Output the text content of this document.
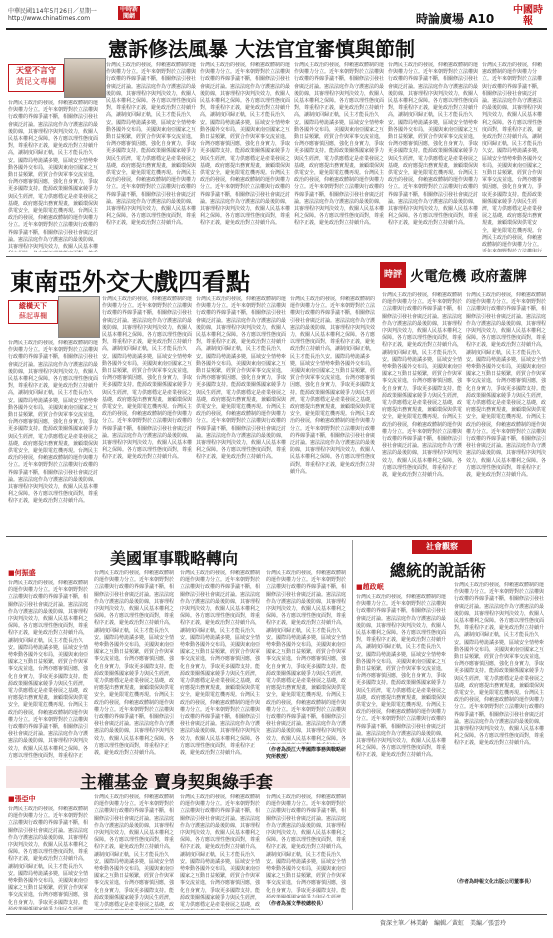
中華民國114年5月26日／星期一
http://www.chinatimes.com
中時新聞網	時論廣場 A10
中國時報
憲訴修法風暴 大法官宜審慎與節制
天堂不言守
黃昆文專欄
台灣民主政治的發展，仰賴憲政體制的運作與權力分立。近年來朝野對於立法權與行政權的界線爭議不斷，相關修法引發社會廣泛討論。憲法法庭作為守護憲法的最後防線，其審理程序與判決效力，攸關人民基本權利之保障。各方應以理性態度面對，尊重程序正義，避免政治對立持續升高，讓制度回歸正軌，民主才能長治久安。國際局勢詭譎多變，區域安全情勢牽動各國外交布局，美國與東南亞國家之互動日益頻繁，經貿合作與軍事交流並進，台灣亦應審慎因應，強化自身實力，爭取更多國際支持。能源政策關係國家競爭力與民生經濟，電力供應穩定是產業發展之基礎，政府應提出務實規畫，兼顧環保與供電安全，避免限電危機再現。台灣民主政治的發展，仰賴憲政體制的運作與權力分立。近年來朝野對於立法權與行政權的界線爭議不斷，相關修法引發社會廣泛討論。憲法法庭作為守護憲法的最後防線，其審理程序與判決效力，攸關人民基本權利之保障。各方應以理性態度面對，尊重程序正義，避免政治對立持續升高。
台灣民主政治的發展，仰賴憲政體制的運作與權力分立。近年來朝野對於立法權與行政權的界線爭議不斷，相關修法引發社會廣泛討論。憲法法庭作為守護憲法的最後防線，其審理程序與判決效力，攸關人民基本權利之保障。各方應以理性態度面對，尊重程序正義，避免政治對立持續升高，讓制度回歸正軌，民主才能長治久安。國際局勢詭譎多變，區域安全情勢牽動各國外交布局，美國與東南亞國家之互動日益頻繁，經貿合作與軍事交流並進，台灣亦應審慎因應，強化自身實力，爭取更多國際支持。能源政策關係國家競爭力與民生經濟，電力供應穩定是產業發展之基礎，政府應提出務實規畫，兼顧環保與供電安全，避免限電危機再現。台灣民主政治的發展，仰賴憲政體制的運作與權力分立。近年來朝野對於立法權與行政權的界線爭議不斷，相關修法引發社會廣泛討論。憲法法庭作為守護憲法的最後防線，其審理程序與判決效力，攸關人民基本權利之保障。各方應以理性態度面對，尊重程序正義，避免政治對立持續升高。
台灣民主政治的發展，仰賴憲政體制的運作與權力分立。近年來朝野對於立法權與行政權的界線爭議不斷，相關修法引發社會廣泛討論。憲法法庭作為守護憲法的最後防線，其審理程序與判決效力，攸關人民基本權利之保障。各方應以理性態度面對，尊重程序正義，避免政治對立持續升高，讓制度回歸正軌，民主才能長治久安。國際局勢詭譎多變，區域安全情勢牽動各國外交布局，美國與東南亞國家之互動日益頻繁，經貿合作與軍事交流並進，台灣亦應審慎因應，強化自身實力，爭取更多國際支持。能源政策關係國家競爭力與民生經濟，電力供應穩定是產業發展之基礎，政府應提出務實規畫，兼顧環保與供電安全，避免限電危機再現。台灣民主政治的發展，仰賴憲政體制的運作與權力分立。近年來朝野對於立法權與行政權的界線爭議不斷，相關修法引發社會廣泛討論。憲法法庭作為守護憲法的最後防線，其審理程序與判決效力，攸關人民基本權利之保障。各方應以理性態度面對，尊重程序正義，避免政治對立持續升高。
台灣民主政治的發展，仰賴憲政體制的運作與權力分立。近年來朝野對於立法權與行政權的界線爭議不斷，相關修法引發社會廣泛討論。憲法法庭作為守護憲法的最後防線，其審理程序與判決效力，攸關人民基本權利之保障。各方應以理性態度面對，尊重程序正義，避免政治對立持續升高，讓制度回歸正軌，民主才能長治久安。國際局勢詭譎多變，區域安全情勢牽動各國外交布局，美國與東南亞國家之互動日益頻繁，經貿合作與軍事交流並進，台灣亦應審慎因應，強化自身實力，爭取更多國際支持。能源政策關係國家競爭力與民生經濟，電力供應穩定是產業發展之基礎，政府應提出務實規畫，兼顧環保與供電安全，避免限電危機再現。台灣民主政治的發展，仰賴憲政體制的運作與權力分立。近年來朝野對於立法權與行政權的界線爭議不斷，相關修法引發社會廣泛討論。憲法法庭作為守護憲法的最後防線，其審理程序與判決效力，攸關人民基本權利之保障。各方應以理性態度面對，尊重程序正義，避免政治對立持續升高。
台灣民主政治的發展，仰賴憲政體制的運作與權力分立。近年來朝野對於立法權與行政權的界線爭議不斷，相關修法引發社會廣泛討論。憲法法庭作為守護憲法的最後防線，其審理程序與判決效力，攸關人民基本權利之保障。各方應以理性態度面對，尊重程序正義，避免政治對立持續升高，讓制度回歸正軌，民主才能長治久安。國際局勢詭譎多變，區域安全情勢牽動各國外交布局，美國與東南亞國家之互動日益頻繁，經貿合作與軍事交流並進，台灣亦應審慎因應，強化自身實力，爭取更多國際支持。能源政策關係國家競爭力與民生經濟，電力供應穩定是產業發展之基礎，政府應提出務實規畫，兼顧環保與供電安全，避免限電危機再現。台灣民主政治的發展，仰賴憲政體制的運作與權力分立。近年來朝野對於立法權與行政權的界線爭議不斷，相關修法引發社會廣泛討論。憲法法庭作為守護憲法的最後防線，其審理程序與判決效力，攸關人民基本權利之保障。各方應以理性態度面對，尊重程序正義，避免政治對立持續升高。
台灣民主政治的發展，仰賴憲政體制的運作與權力分立。近年來朝野對於立法權與行政權的界線爭議不斷，相關修法引發社會廣泛討論。憲法法庭作為守護憲法的最後防線，其審理程序與判決效力，攸關人民基本權利之保障。各方應以理性態度面對，尊重程序正義，避免政治對立持續升高，讓制度回歸正軌，民主才能長治久安。國際局勢詭譎多變，區域安全情勢牽動各國外交布局，美國與東南亞國家之互動日益頻繁，經貿合作與軍事交流並進，台灣亦應審慎因應，強化自身實力，爭取更多國際支持。能源政策關係國家競爭力與民生經濟，電力供應穩定是產業發展之基礎，政府應提出務實規畫，兼顧環保與供電安全，避免限電危機再現。台灣民主政治的發展，仰賴憲政體制的運作與權力分立。近年來朝野對於立法權與行政權的界線爭議不斷，相關修法引發社會廣泛討論。憲法法庭作為守護憲法的最後防線，其審理程序與判決效力，攸關人民基本權利之保障。各方應以理性態度面對，尊重程序正義，避免政治對立持續升高。
東南亞外交大戲四看點
縱橫天下
蘇起專欄
台灣民主政治的發展，仰賴憲政體制的運作與權力分立。近年來朝野對於立法權與行政權的界線爭議不斷，相關修法引發社會廣泛討論。憲法法庭作為守護憲法的最後防線，其審理程序與判決效力，攸關人民基本權利之保障。各方應以理性態度面對，尊重程序正義，避免政治對立持續升高，讓制度回歸正軌，民主才能長治久安。國際局勢詭譎多變，區域安全情勢牽動各國外交布局，美國與東南亞國家之互動日益頻繁，經貿合作與軍事交流並進，台灣亦應審慎因應，強化自身實力，爭取更多國際支持。能源政策關係國家競爭力與民生經濟，電力供應穩定是產業發展之基礎，政府應提出務實規畫，兼顧環保與供電安全，避免限電危機再現。台灣民主政治的發展，仰賴憲政體制的運作與權力分立。近年來朝野對於立法權與行政權的界線爭議不斷，相關修法引發社會廣泛討論。憲法法庭作為守護憲法的最後防線，其審理程序與判決效力，攸關人民基本權利之保障。各方應以理性態度面對，尊重程序正義，避免政治對立持續升高。
台灣民主政治的發展，仰賴憲政體制的運作與權力分立。近年來朝野對於立法權與行政權的界線爭議不斷，相關修法引發社會廣泛討論。憲法法庭作為守護憲法的最後防線，其審理程序與判決效力，攸關人民基本權利之保障。各方應以理性態度面對，尊重程序正義，避免政治對立持續升高，讓制度回歸正軌，民主才能長治久安。國際局勢詭譎多變，區域安全情勢牽動各國外交布局，美國與東南亞國家之互動日益頻繁，經貿合作與軍事交流並進，台灣亦應審慎因應，強化自身實力，爭取更多國際支持。能源政策關係國家競爭力與民生經濟，電力供應穩定是產業發展之基礎，政府應提出務實規畫，兼顧環保與供電安全，避免限電危機再現。台灣民主政治的發展，仰賴憲政體制的運作與權力分立。近年來朝野對於立法權與行政權的界線爭議不斷，相關修法引發社會廣泛討論。憲法法庭作為守護憲法的最後防線，其審理程序與判決效力，攸關人民基本權利之保障。各方應以理性態度面對，尊重程序正義，避免政治對立持續升高。
台灣民主政治的發展，仰賴憲政體制的運作與權力分立。近年來朝野對於立法權與行政權的界線爭議不斷，相關修法引發社會廣泛討論。憲法法庭作為守護憲法的最後防線，其審理程序與判決效力，攸關人民基本權利之保障。各方應以理性態度面對，尊重程序正義，避免政治對立持續升高，讓制度回歸正軌，民主才能長治久安。國際局勢詭譎多變，區域安全情勢牽動各國外交布局，美國與東南亞國家之互動日益頻繁，經貿合作與軍事交流並進，台灣亦應審慎因應，強化自身實力，爭取更多國際支持。能源政策關係國家競爭力與民生經濟，電力供應穩定是產業發展之基礎，政府應提出務實規畫，兼顧環保與供電安全，避免限電危機再現。台灣民主政治的發展，仰賴憲政體制的運作與權力分立。近年來朝野對於立法權與行政權的界線爭議不斷，相關修法引發社會廣泛討論。憲法法庭作為守護憲法的最後防線，其審理程序與判決效力，攸關人民基本權利之保障。各方應以理性態度面對，尊重程序正義，避免政治對立持續升高。
台灣民主政治的發展，仰賴憲政體制的運作與權力分立。近年來朝野對於立法權與行政權的界線爭議不斷，相關修法引發社會廣泛討論。憲法法庭作為守護憲法的最後防線，其審理程序與判決效力，攸關人民基本權利之保障。各方應以理性態度面對，尊重程序正義，避免政治對立持續升高，讓制度回歸正軌，民主才能長治久安。國際局勢詭譎多變，區域安全情勢牽動各國外交布局，美國與東南亞國家之互動日益頻繁，經貿合作與軍事交流並進，台灣亦應審慎因應，強化自身實力，爭取更多國際支持。能源政策關係國家競爭力與民生經濟，電力供應穩定是產業發展之基礎，政府應提出務實規畫，兼顧環保與供電安全，避免限電危機再現。台灣民主政治的發展，仰賴憲政體制的運作與權力分立。近年來朝野對於立法權與行政權的界線爭議不斷，相關修法引發社會廣泛討論。憲法法庭作為守護憲法的最後防線，其審理程序與判決效力，攸關人民基本權利之保障。各方應以理性態度面對，尊重程序正義，避免政治對立持續升高。
時評 火電危機 政府蓋牌
台灣民主政治的發展，仰賴憲政體制的運作與權力分立。近年來朝野對於立法權與行政權的界線爭議不斷，相關修法引發社會廣泛討論。憲法法庭作為守護憲法的最後防線，其審理程序與判決效力，攸關人民基本權利之保障。各方應以理性態度面對，尊重程序正義，避免政治對立持續升高，讓制度回歸正軌，民主才能長治久安。國際局勢詭譎多變，區域安全情勢牽動各國外交布局，美國與東南亞國家之互動日益頻繁，經貿合作與軍事交流並進，台灣亦應審慎因應，強化自身實力，爭取更多國際支持。能源政策關係國家競爭力與民生經濟，電力供應穩定是產業發展之基礎，政府應提出務實規畫，兼顧環保與供電安全，避免限電危機再現。台灣民主政治的發展，仰賴憲政體制的運作與權力分立。近年來朝野對於立法權與行政權的界線爭議不斷，相關修法引發社會廣泛討論。憲法法庭作為守護憲法的最後防線，其審理程序與判決效力，攸關人民基本權利之保障。各方應以理性態度面對，尊重程序正義，避免政治對立持續升高。
台灣民主政治的發展，仰賴憲政體制的運作與權力分立。近年來朝野對於立法權與行政權的界線爭議不斷，相關修法引發社會廣泛討論。憲法法庭作為守護憲法的最後防線，其審理程序與判決效力，攸關人民基本權利之保障。各方應以理性態度面對，尊重程序正義，避免政治對立持續升高，讓制度回歸正軌，民主才能長治久安。國際局勢詭譎多變，區域安全情勢牽動各國外交布局，美國與東南亞國家之互動日益頻繁，經貿合作與軍事交流並進，台灣亦應審慎因應，強化自身實力，爭取更多國際支持。能源政策關係國家競爭力與民生經濟，電力供應穩定是產業發展之基礎，政府應提出務實規畫，兼顧環保與供電安全，避免限電危機再現。台灣民主政治的發展，仰賴憲政體制的運作與權力分立。近年來朝野對於立法權與行政權的界線爭議不斷，相關修法引發社會廣泛討論。憲法法庭作為守護憲法的最後防線，其審理程序與判決效力，攸關人民基本權利之保障。各方應以理性態度面對，尊重程序正義，避免政治對立持續升高。
美國軍事戰略轉向
■何振盛
台灣民主政治的發展，仰賴憲政體制的運作與權力分立。近年來朝野對於立法權與行政權的界線爭議不斷，相關修法引發社會廣泛討論。憲法法庭作為守護憲法的最後防線，其審理程序與判決效力，攸關人民基本權利之保障。各方應以理性態度面對，尊重程序正義，避免政治對立持續升高，讓制度回歸正軌，民主才能長治久安。國際局勢詭譎多變，區域安全情勢牽動各國外交布局，美國與東南亞國家之互動日益頻繁，經貿合作與軍事交流並進，台灣亦應審慎因應，強化自身實力，爭取更多國際支持。能源政策關係國家競爭力與民生經濟，電力供應穩定是產業發展之基礎，政府應提出務實規畫，兼顧環保與供電安全，避免限電危機再現。台灣民主政治的發展，仰賴憲政體制的運作與權力分立。近年來朝野對於立法權與行政權的界線爭議不斷，相關修法引發社會廣泛討論。憲法法庭作為守護憲法的最後防線，其審理程序與判決效力，攸關人民基本權利之保障。各方應以理性態度面對，尊重程序正義，避免政治對立持續升高。
台灣民主政治的發展，仰賴憲政體制的運作與權力分立。近年來朝野對於立法權與行政權的界線爭議不斷，相關修法引發社會廣泛討論。憲法法庭作為守護憲法的最後防線，其審理程序與判決效力，攸關人民基本權利之保障。各方應以理性態度面對，尊重程序正義，避免政治對立持續升高，讓制度回歸正軌，民主才能長治久安。國際局勢詭譎多變，區域安全情勢牽動各國外交布局，美國與東南亞國家之互動日益頻繁，經貿合作與軍事交流並進，台灣亦應審慎因應，強化自身實力，爭取更多國際支持。能源政策關係國家競爭力與民生經濟，電力供應穩定是產業發展之基礎，政府應提出務實規畫，兼顧環保與供電安全，避免限電危機再現。台灣民主政治的發展，仰賴憲政體制的運作與權力分立。近年來朝野對於立法權與行政權的界線爭議不斷，相關修法引發社會廣泛討論。憲法法庭作為守護憲法的最後防線，其審理程序與判決效力，攸關人民基本權利之保障。各方應以理性態度面對，尊重程序正義，避免政治對立持續升高。
台灣民主政治的發展，仰賴憲政體制的運作與權力分立。近年來朝野對於立法權與行政權的界線爭議不斷，相關修法引發社會廣泛討論。憲法法庭作為守護憲法的最後防線，其審理程序與判決效力，攸關人民基本權利之保障。各方應以理性態度面對，尊重程序正義，避免政治對立持續升高，讓制度回歸正軌，民主才能長治久安。國際局勢詭譎多變，區域安全情勢牽動各國外交布局，美國與東南亞國家之互動日益頻繁，經貿合作與軍事交流並進，台灣亦應審慎因應，強化自身實力，爭取更多國際支持。能源政策關係國家競爭力與民生經濟，電力供應穩定是產業發展之基礎，政府應提出務實規畫，兼顧環保與供電安全，避免限電危機再現。台灣民主政治的發展，仰賴憲政體制的運作與權力分立。近年來朝野對於立法權與行政權的界線爭議不斷，相關修法引發社會廣泛討論。憲法法庭作為守護憲法的最後防線，其審理程序與判決效力，攸關人民基本權利之保障。各方應以理性態度面對，尊重程序正義，避免政治對立持續升高。
台灣民主政治的發展，仰賴憲政體制的運作與權力分立。近年來朝野對於立法權與行政權的界線爭議不斷，相關修法引發社會廣泛討論。憲法法庭作為守護憲法的最後防線，其審理程序與判決效力，攸關人民基本權利之保障。各方應以理性態度面對，尊重程序正義，避免政治對立持續升高，讓制度回歸正軌，民主才能長治久安。國際局勢詭譎多變，區域安全情勢牽動各國外交布局，美國與東南亞國家之互動日益頻繁，經貿合作與軍事交流並進，台灣亦應審慎因應，強化自身實力，爭取更多國際支持。能源政策關係國家競爭力與民生經濟，電力供應穩定是產業發展之基礎，政府應提出務實規畫，兼顧環保與供電安全，避免限電危機再現。台灣民主政治的發展，仰賴憲政體制的運作與權力分立。近年來朝野對於立法權與行政權的界線爭議不斷，相關修法引發社會廣泛討論。憲法法庭作為守護憲法的最後防線，其審理程序與判決效力，攸關人民基本權利之保障。各方應以理性態度面對，尊重程序正義，避免政治對立持續升高。
（作者為淡江大學國際事務與戰略研究所教授）
社會觀察
總統的說話術
■趙政岷
台灣民主政治的發展，仰賴憲政體制的運作與權力分立。近年來朝野對於立法權與行政權的界線爭議不斷，相關修法引發社會廣泛討論。憲法法庭作為守護憲法的最後防線，其審理程序與判決效力，攸關人民基本權利之保障。各方應以理性態度面對，尊重程序正義，避免政治對立持續升高，讓制度回歸正軌，民主才能長治久安。國際局勢詭譎多變，區域安全情勢牽動各國外交布局，美國與東南亞國家之互動日益頻繁，經貿合作與軍事交流並進，台灣亦應審慎因應，強化自身實力，爭取更多國際支持。能源政策關係國家競爭力與民生經濟，電力供應穩定是產業發展之基礎，政府應提出務實規畫，兼顧環保與供電安全，避免限電危機再現。台灣民主政治的發展，仰賴憲政體制的運作與權力分立。近年來朝野對於立法權與行政權的界線爭議不斷，相關修法引發社會廣泛討論。憲法法庭作為守護憲法的最後防線，其審理程序與判決效力，攸關人民基本權利之保障。各方應以理性態度面對，尊重程序正義，避免政治對立持續升高。
台灣民主政治的發展，仰賴憲政體制的運作與權力分立。近年來朝野對於立法權與行政權的界線爭議不斷，相關修法引發社會廣泛討論。憲法法庭作為守護憲法的最後防線，其審理程序與判決效力，攸關人民基本權利之保障。各方應以理性態度面對，尊重程序正義，避免政治對立持續升高，讓制度回歸正軌，民主才能長治久安。國際局勢詭譎多變，區域安全情勢牽動各國外交布局，美國與東南亞國家之互動日益頻繁，經貿合作與軍事交流並進，台灣亦應審慎因應，強化自身實力，爭取更多國際支持。能源政策關係國家競爭力與民生經濟，電力供應穩定是產業發展之基礎，政府應提出務實規畫，兼顧環保與供電安全，避免限電危機再現。台灣民主政治的發展，仰賴憲政體制的運作與權力分立。近年來朝野對於立法權與行政權的界線爭議不斷，相關修法引發社會廣泛討論。憲法法庭作為守護憲法的最後防線，其審理程序與判決效力，攸關人民基本權利之保障。各方應以理性態度面對，尊重程序正義，避免政治對立持續升高。
（作者為時報文化出版公司董事長）
主權基金 賣身契與綠手套
■張亞中
台灣民主政治的發展，仰賴憲政體制的運作與權力分立。近年來朝野對於立法權與行政權的界線爭議不斷，相關修法引發社會廣泛討論。憲法法庭作為守護憲法的最後防線，其審理程序與判決效力，攸關人民基本權利之保障。各方應以理性態度面對，尊重程序正義，避免政治對立持續升高，讓制度回歸正軌，民主才能長治久安。國際局勢詭譎多變，區域安全情勢牽動各國外交布局，美國與東南亞國家之互動日益頻繁，經貿合作與軍事交流並進，台灣亦應審慎因應，強化自身實力，爭取更多國際支持。能源政策關係國家競爭力與民生經濟，電力供應穩定是產業發展之基礎，政府應提出務實規畫，兼顧環保與供電安全，避免限電危機再現。台灣民主政治的發展，仰賴憲政體制的運作與權力分立。近年來朝野對於立法權與行政權的界線爭議不斷，相關修法引發社會廣泛討論。憲法法庭作為守護憲法的最後防線，其審理程序與判決效力，攸關人民基本權利之保障。各方應以理性態度面對，尊重程序正義，避免政治對立持續升高。
台灣民主政治的發展，仰賴憲政體制的運作與權力分立。近年來朝野對於立法權與行政權的界線爭議不斷，相關修法引發社會廣泛討論。憲法法庭作為守護憲法的最後防線，其審理程序與判決效力，攸關人民基本權利之保障。各方應以理性態度面對，尊重程序正義，避免政治對立持續升高，讓制度回歸正軌，民主才能長治久安。國際局勢詭譎多變，區域安全情勢牽動各國外交布局，美國與東南亞國家之互動日益頻繁，經貿合作與軍事交流並進，台灣亦應審慎因應，強化自身實力，爭取更多國際支持。能源政策關係國家競爭力與民生經濟，電力供應穩定是產業發展之基礎，政府應提出務實規畫，兼顧環保與供電安全，避免限電危機再現。台灣民主政治的發展，仰賴憲政體制的運作與權力分立。近年來朝野對於立法權與行政權的界線爭議不斷，相關修法引發社會廣泛討論。憲法法庭作為守護憲法的最後防線，其審理程序與判決效力，攸關人民基本權利之保障。各方應以理性態度面對，尊重程序正義，避免政治對立持續升高。
台灣民主政治的發展，仰賴憲政體制的運作與權力分立。近年來朝野對於立法權與行政權的界線爭議不斷，相關修法引發社會廣泛討論。憲法法庭作為守護憲法的最後防線，其審理程序與判決效力，攸關人民基本權利之保障。各方應以理性態度面對，尊重程序正義，避免政治對立持續升高，讓制度回歸正軌，民主才能長治久安。國際局勢詭譎多變，區域安全情勢牽動各國外交布局，美國與東南亞國家之互動日益頻繁，經貿合作與軍事交流並進，台灣亦應審慎因應，強化自身實力，爭取更多國際支持。能源政策關係國家競爭力與民生經濟，電力供應穩定是產業發展之基礎，政府應提出務實規畫，兼顧環保與供電安全，避免限電危機再現。台灣民主政治的發展，仰賴憲政體制的運作與權力分立。近年來朝野對於立法權與行政權的界線爭議不斷，相關修法引發社會廣泛討論。憲法法庭作為守護憲法的最後防線，其審理程序與判決效力，攸關人民基本權利之保障。各方應以理性態度面對，尊重程序正義，避免政治對立持續升高。
台灣民主政治的發展，仰賴憲政體制的運作與權力分立。近年來朝野對於立法權與行政權的界線爭議不斷，相關修法引發社會廣泛討論。憲法法庭作為守護憲法的最後防線，其審理程序與判決效力，攸關人民基本權利之保障。各方應以理性態度面對，尊重程序正義，避免政治對立持續升高，讓制度回歸正軌，民主才能長治久安。國際局勢詭譎多變，區域安全情勢牽動各國外交布局，美國與東南亞國家之互動日益頻繁，經貿合作與軍事交流並進，台灣亦應審慎因應，強化自身實力，爭取更多國際支持。能源政策關係國家競爭力與民生經濟，電力供應穩定是產業發展之基礎，政府應提出務實規畫，兼顧環保與供電安全，避免限電危機再現。台灣民主政治的發展，仰賴憲政體制的運作與權力分立。近年來朝野對於立法權與行政權的界線爭議不斷，相關修法引發社會廣泛討論。憲法法庭作為守護憲法的最後防線，其審理程序與判決效力，攸關人民基本權利之保障。各方應以理性態度面對，尊重程序正義，避免政治對立持續升高。
（作者為孫文學校總校長）
資深主筆／林美齡　編輯／黃虹　美編／張雲玲
